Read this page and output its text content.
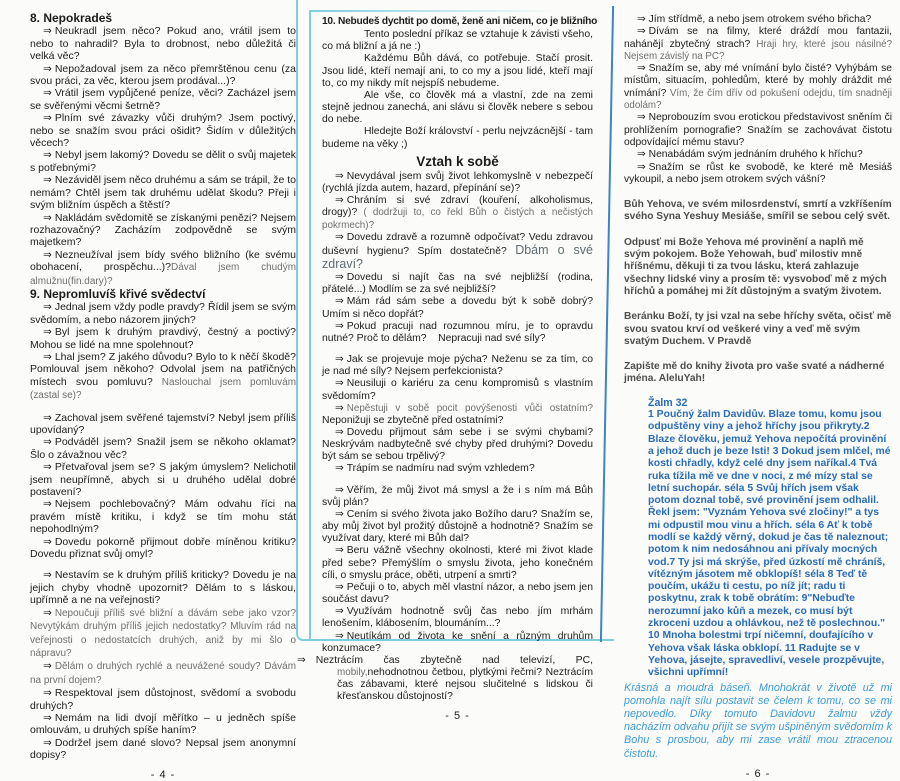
8. Nepokradeš

⇒ Neukradl jsem něco? Pokud ano, vrátil jsem to nebo to nahradil? Byla to drobnost, nebo důležitá či velká věc?

⇒ Nepožadoval jsem za něco přemrštěnou cenu (za svou práci, za věc, kterou jsem prodával...)?

⇒ Vrátil jsem vypůjčené peníze, věci? Zacházel jsem se svěřenými věcmi šetrně?

⇒ Plním své závazky vůči druhým? Jsem poctivý, nebo se snažím svou práci ošidit? Šidím v důležitých věcech?

⇒ Nebyl jsem lakomý? Dovedu se dělit o svůj majetek s potřebnými?

⇒ Nezáviděl jsem něco druhému a sám se trápil, že to nemám? Chtěl jsem tak druhému udělat škodu? Přeji i svým bližním úspěch a štěstí?

⇒ Nakládám svědomitě se získanými penězi? Nejsem rozhazovačný? Zacházím zodpovědně se svým majetkem?

⇒ Nezneužíval jsem bídy svého bližního (ke svému obohacení, prospěchu...)?Dával jsem chudým almužnu(fin.dary)?

9. Nepromluvíš křivé svědectví

⇒ Jednal jsem vždy podle pravdy? Řídil jsem se svým svědomím, a nebo názorem jiných?

⇒ Byl jsem k druhým pravdivý, čestný a poctivý? Mohou se lidé na mne spolehnout?

⇒ Lhal jsem? Z jakého důvodu? Bylo to k něčí škodě? Pomlouval jsem někoho? Odvolal jsem na patřičných místech svou pomluvu? Naslouchal jsem pomluvám (zastal se)?

⇒ Zachoval jsem svěřené tajemství? Nebyl jsem příliš upovídaný?

⇒ Podváděl jsem? Snažil jsem se někoho oklamat? Šlo o závažnou věc?

⇒ Přetvařoval jsem se? S jakým úmyslem? Nelichotil jsem neupřímně, abych si u druhého udělal dobré postavení?

⇒ Nejsem pochlebovačný? Mám odvahu říci na pravém místě kritiku, i když se tím mohu stát nepohodlným?

⇒ Dovedu pokorně přijmout dobře míněnou kritiku? Dovedu přiznat svůj omyl?

⇒ Nestavím se k druhým příliš kriticky? Dovedu je na jejich chyby vhodně upozornit? Dělám to s láskou, upřímně a ne na veřejnosti?

⇒ Nepoučuji příliš své bližní a dávám sebe jako vzor? Nevytýkám druhým příliš jejich nedostatky? Mluvím rád na veřejnosti o nedostatcích druhých, aniž by mi šlo o nápravu?

⇒ Dělám o druhých rychlé a neuvážené soudy? Dávám na první dojem?

⇒ Respektoval jsem důstojnost, svědomí a svobodu druhých?

⇒ Nemám na lidi dvojí měřítko – u jedněch spíše omlouvám, u druhých spíše haním?

⇒ Dodržel jsem dané slovo? Nepsal jsem anonymní dopisy?

- 4 -

10. Nebudeš dychtit po domě, ženě ani ničem, co je bližního

Tento poslední příkaz se vztahuje k závisti všeho, co má bližní a já ne :)

Každému Bůh dává, co potřebuje. Stačí prosit. Jsou lidé, kteří nemají ani, to co my a jsou lidé, kteří mají to, co my nikdy mít nejspíš nebudeme.

Ale vše, co člověk má a vlastní, zde na zemi stejně jednou zanechá, ani slávu si člověk nebere s sebou do nebe.

Hledejte Boží království - perlu nejvzácnější - tam budeme na věky ;)

Vztah k sobě

⇒ Nevydával jsem svůj život lehkomyslně v nebezpečí (rychlá jízda autem, hazard, přepínání se)?

⇒ Chráním si své zdraví (kouření, alkoholismus, drogy)? ( dodržuji to, co řekl Bůh o čistých a nečistých pokrmech)?

⇒ Dovedu zdravě a rozumně odpočívat? Vedu zdravou duševní hygienu? Spím dostatečně? Dbám o své zdraví?

⇒ Dovedu si najít čas na své nejbližší (rodina, přátelé...) Modlím se za své nejbližší?

⇒ Mám rád sám sebe a dovedu být k sobě dobrý? Umím si něco dopřát?

⇒ Pokud pracuji nad rozumnou míru, je to opravdu nutné? Proč to dělám?    Nepracuji nad své síly?

⇒ Jak se projevuje moje pýcha? Neženu se za tím, co je nad mé síly? Nejsem perfekcionista?

⇒ Neusiluji o kariéru za cenu kompromisů s vlastním svědomím?

⇒ Nepěstuji v sobě pocit povýšenosti vůči ostatním? Neponižuji se zbytečně před ostatními?

⇒ Dovedu přijmout sám sebe i se svými chybami? Neskrývám nadbytečně své chyby před druhými? Dovedu být sám se sebou trpělivý?

⇒ Trápím se nadmíru nad svým vzhledem?

⇒ Věřím, že můj život má smysl a že i s ním má Bůh svůj plán?

⇒ Cením si svého života jako Božího daru? Snažím se, aby můj život byl prožitý důstojně a hodnotně? Snažím se využívat dary, které mi Bůh dal?

⇒ Beru vážně všechny okolnosti, které mi život klade před sebe? Přemýšlím o smyslu života, jeho konečném cíli, o smyslu práce, oběti, utrpení a smrti?

⇒ Pečuji o to, abych měl vlastní názor, a nebo jsem jen součást davu?

⇒ Využívám hodnotně svůj čas nebo jím mrhám lenošením, klábosením, bloumáním...?

⇒ Neutíkám od života ke snění a různým druhům konzumace?

⇒ Neztrácím čas zbytečně nad televizí, PC, mobily,nehodnotnou četbou, plytkými řečmi? Neztrácím čas zábavami, které nejsou slučitelné s lidskou či křesťanskou důstojností?

- 5 -

⇒ Jím střídmě, a nebo jsem otrokem svého břicha?

⇒ Dívám se na filmy, které dráždí mou fantazii, nahánějí zbytečný strach? Hraji hry, které jsou násilné? Nejsem závislý na PC?

⇒ Snažím se, aby mé vnímání bylo čisté? Vyhýbám se místům, situacím, pohledům, které by mohly dráždit mé vnímání? Vím, že čím dřív od pokušení odejdu, tím snadněji odolám?

⇒ Neprobouzím svou erotickou představivost sněním či prohlížením pornografie? Snažím se zachovávat čistotu odpovídající mému stavu?

⇒ Nenabádám svým jednáním druhého k hříchu?

⇒ Snažím se růst ke svobodě, ke které mě Mesiáš vykoupil, a nebo jsem otrokem svých vášní?

Bůh Yehova, ve svém milosrdenství, smrtí a vzkříšením svého Syna Yeshuy Mesiáše, smířil se sebou celý svět.

Odpusť mi Bože Yehova mé provinění a naplň mě svým pokojem. Bože Yehowah, buď milostiv mně hříšnému, děkuji ti za tvou lásku, která zahlazuje všechny lidské viny a prosím tě: vysvoboď mě z mých hříchů a pomáhej mi žít důstojným a svatým životem.

Beránku Boží, ty jsi vzal na sebe hříchy světa, očisť mě svou svatou krví od veškeré viny a veď mě svým svatým Duchem. V Pravdě

Zapište mě do knihy života pro vaše svaté a nádherné jména. AleluYah!

Žalm 32

1 Poučný žalm Davidův. Blaze tomu, komu jsou odpuštěny viny a jehož hříchy jsou přikryty.2 Blaze člověku, jemuž Yehova nepočítá provinění a jehož duch je beze lsti! 3 Dokud jsem mlčel, mé kosti chřadly, když celé dny jsem naříkal.4 Tvá ruka tížila mě ve dne v noci, z mé mízy stal se letní suchopár. séla 5 Svůj hřích jsem však potom doznal tobě, své provinění jsem odhalil. Řekl jsem: "Vyznám Yehova své zločiny!" a tys mi odpustil mou vinu a hřích. séla 6 Ať k tobě modlí se každý věrný, dokud je čas tě naleznout; potom k nim nedosáhnou ani přívaly mocných vod.7 Ty jsi má skrýše, před úzkostí mě chráníš, vítězným jásotem mě obklopíš! séla 8 Teď tě poučím, ukážu ti cestu, po níž jít; radu ti poskytnu, zrak k tobě obrátím: 9"Nebuďte nerozumní jako kůň a mezek, co musí být zkroceni uzdou a ohlávkou, než tě poslechnou." 10 Mnoha bolestmi trpí ničemní, doufajícího v Yehova však láska obklopí. 11 Radujte se v Yehova, jásejte, spravedliví, vesele prozpěvujte, všichni upřímní!

Krásná a moudrá báseň. Mnohokrát v životě už mi pomohla najít sílu postavit se čelem k tomu, co se mi nepovedlo. Díky tomuto Davidovu žalmu vždy nacházím odvahu přijít se svým ušpiněným svědomím k Bohu s prosbou, aby mi zase vrátil mou ztracenou čistotu.

- 6 -
